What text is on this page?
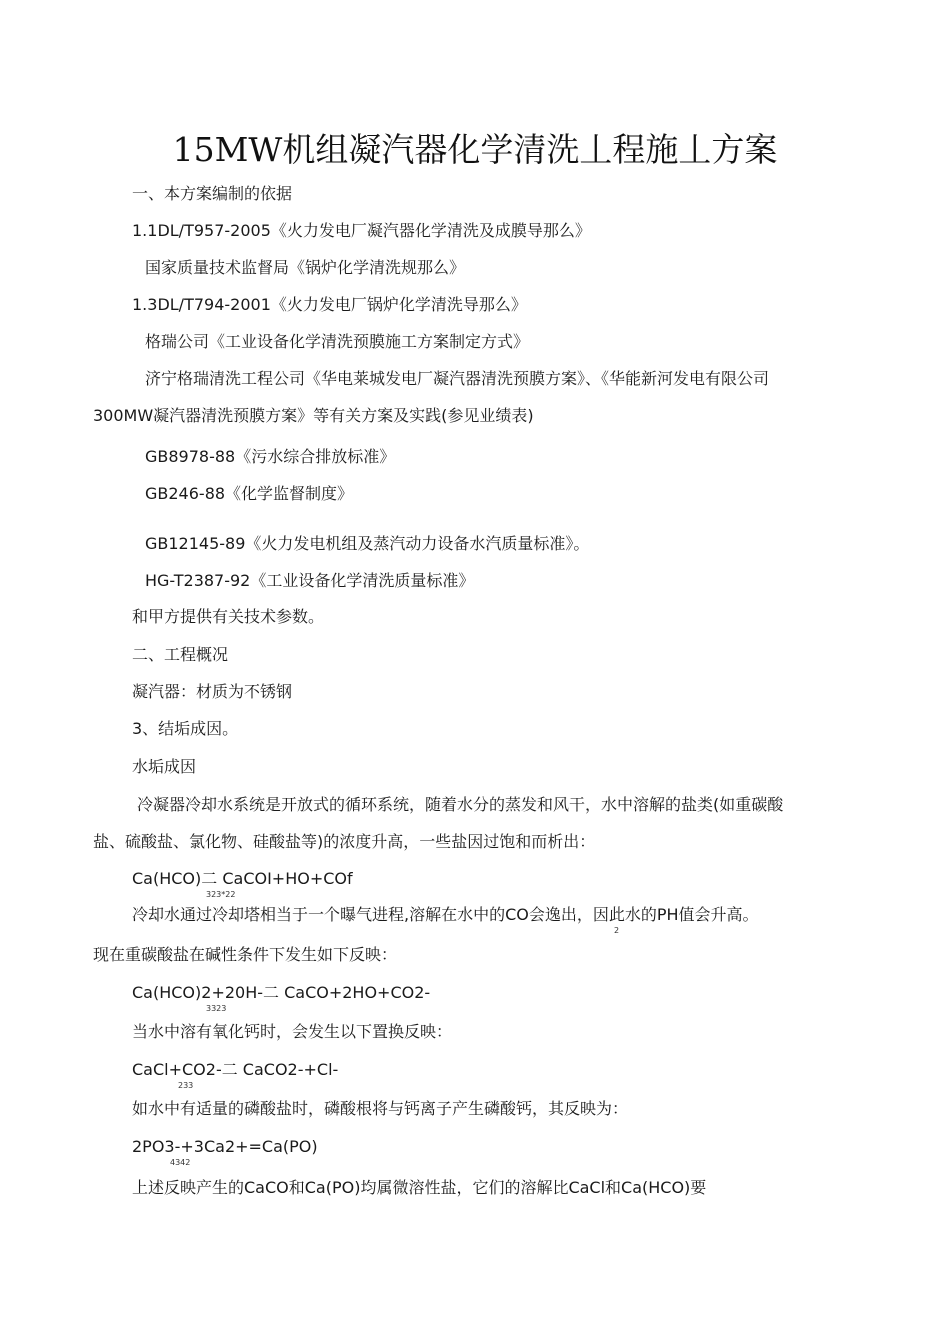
15MW机组凝汽器化学清洗丄程施丄方案
一、本方案编制的依据
1.1DL/T957-2005《火力发电厂凝汽器化学清洗及成膜导那么》
国家质量技术监督局《锅炉化学清洗规那么》
1.3DL/T794-2001《火力发电厂锅炉化学清洗导那么》
格瑞公司《工业设备化学清洗预膜施工方案制定方式》
济宁格瑞清洗工程公司《华电莱城发电厂凝汽器清洗预膜方案》、《华能新河发电有限公司
300MW凝汽器清洗预膜方案》等有关方案及实践(参见业绩表)
GB8978-88《污水综合排放标准》
GB246-88《化学监督制度》
GB12145-89《火力发电机组及蒸汽动力设备水汽质量标准》。
HG-T2387-92《工业设备化学清洗质量标准》
和甲方提供有关技术参数。
二、工程概况
凝汽器：材质为不锈钢
3、结垢成因。
水垢成因
冷凝器冷却水系统是开放式的循环系统，随着水分的蒸发和风干，水中溶解的盐类(如重碳酸
盐、硫酸盐、氯化物、硅酸盐等)的浓度升高，一些盐因过饱和而析出：
Ca(HCO)二 CaCOI+HO+COf
323*22
冷却水通过冷却塔相当于一个曝气进程,溶解在水中的CO会逸出，因此水的PH值会升高。
2
现在重碳酸盐在碱性条件下发生如下反映：
Ca(HCO)2+20H-二 CaCO+2HO+CO2-
3323
当水中溶有氧化钙时，会发生以下置换反映：
CaCl+CO2-二 CaCO2-+Cl-
233
如水中有适量的磷酸盐时，磷酸根将与钙离子产生磷酸钙，其反映为：
2PO3-+3Ca2+=Ca(PO)
4342
上述反映产生的CaCO和Ca(PO)均属微溶性盐，它们的溶解比CaCl和Ca(HCO)要
